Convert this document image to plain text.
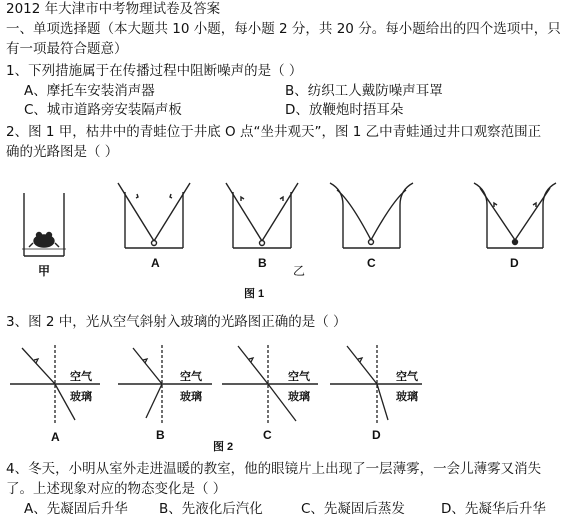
2012 年大津市中考物理试卷及答案
一、单项选择题（本大题共 10 小题，每小题 2 分，共 20 分。每小题给出的四个选项中，只
有一项最符合题意）
1、下列措施属于在传播过程中阻断噪声的是（ ）
A、摩托车安装消声器	B、纺织工人戴防噪声耳罩
C、城市道路旁安装隔声板	D、放鞭炮时捂耳朵
2、图 1 甲，枯井中的青蛙位于井底 O 点“坐井观天”，图 1 乙中青蛙通过井口观察范围正
确的光路图是（ ）
甲
A	B
乙
C	D
图 1
3、图 2 中，光从空气斜射入玻璃的光路图正确的是（ ）
空气
玻璃
空气
玻璃
空气
玻璃
空气
玻璃
A	B	C	D
图 2
4、冬天，小明从室外走进温暖的教室，他的眼镜片上出现了一层薄雾，一会儿薄雾又消失
了。上述现象对应的物态变化是（ ）
A、先凝固后升华 B、先液化后汽化	C、先凝固后蒸发	D、先凝华后升华
